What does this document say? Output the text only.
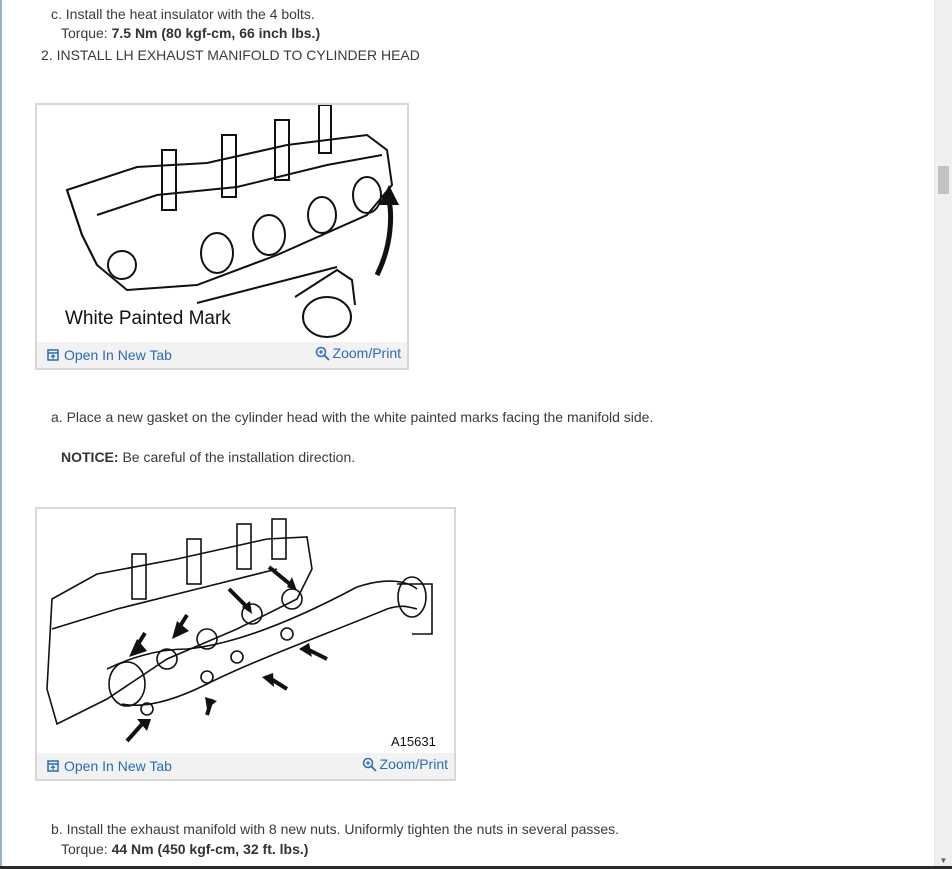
c. Install the heat insulator with the 4 bolts.
Torque: 7.5 Nm (80 kgf-cm, 66 inch lbs.)
2. INSTALL LH EXHAUST MANIFOLD TO CYLINDER HEAD
White Painted Mark
Open In New Tab	Zoom/Print
a. Place a new gasket on the cylinder head with the white painted marks facing the manifold side.
NOTICE: Be careful of the installation direction.
A15631
Open In New Tab	Zoom/Print
b. Install the exhaust manifold with 8 new nuts. Uniformly tighten the nuts in several passes.
Torque: 44 Nm (450 kgf-cm, 32 ft. lbs.)
▼
